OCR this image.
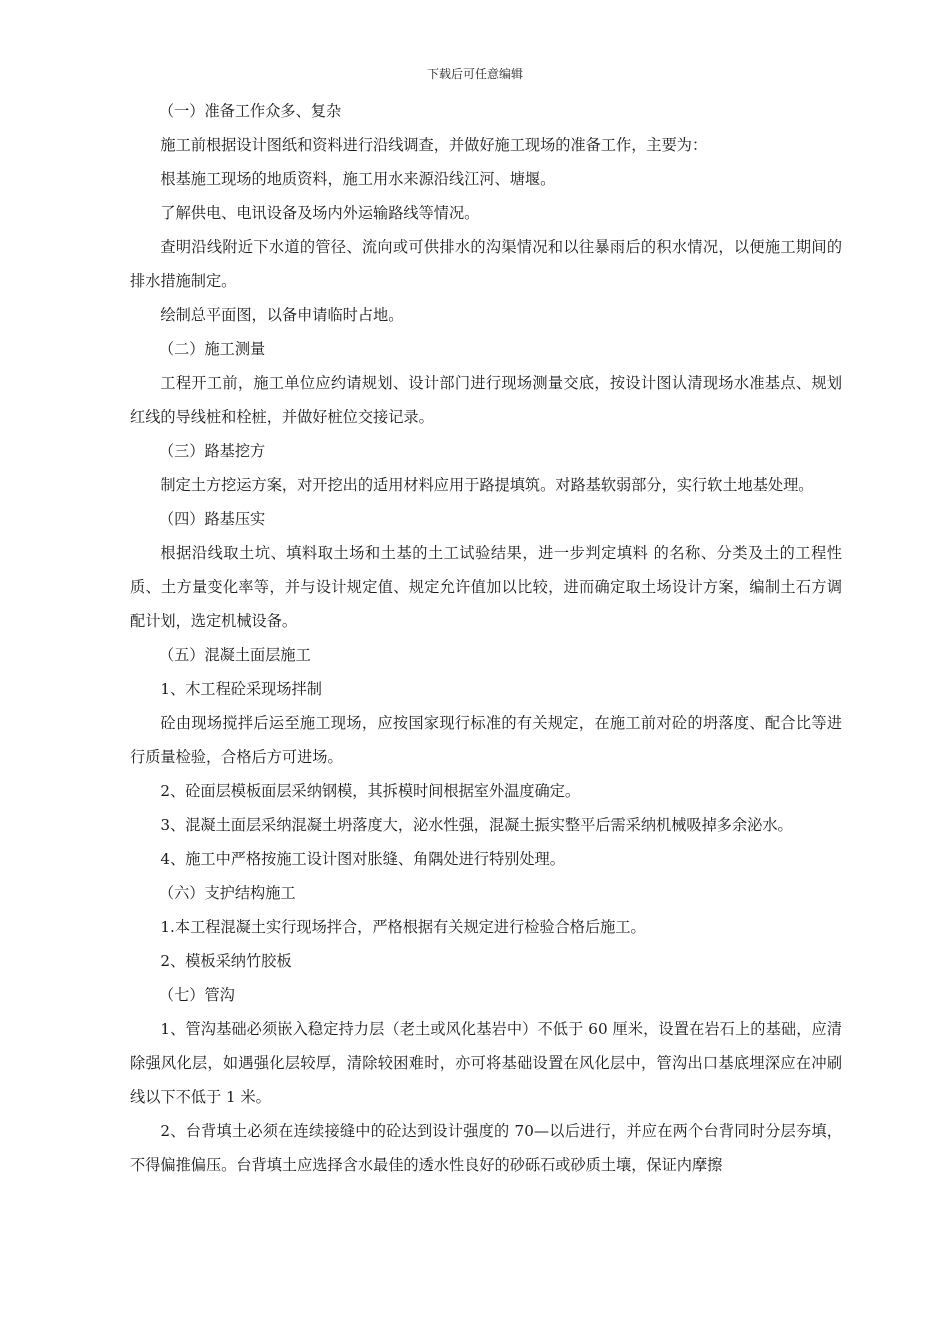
下载后可任意编辑

（一）准备工作众多、复杂

施工前根据设计图纸和资料进行沿线调查，并做好施工现场的准备工作，主要为：

根基施工现场的地质资料，施工用水来源沿线江河、塘堰。

了解供电、电讯设备及场内外运输路线等情况。

查明沿线附近下水道的管径、流向或可供排水的沟渠情况和以往暴雨后的积水情况，以便施工期间的排水措施制定。

绘制总平面图，以备申请临时占地。

（二）施工测量

工程开工前，施工单位应约请规划、设计部门进行现场测量交底，按设计图认清现场水准基点、规划红线的导线桩和栓桩，并做好桩位交接记录。

（三）路基挖方

制定土方挖运方案，对开挖出的适用材料应用于路提填筑。对路基软弱部分，实行软土地基处理。

（四）路基压实

根据沿线取土坑、填料取土场和土基的土工试验结果，进一步判定填料 的名称、分类及土的工程性质、土方量变化率等，并与设计规定值、规定允许值加以比较，进而确定取土场设计方案，编制土石方调配计划，选定机械设备。

（五）混凝土面层施工

1、木工程砼采现场拌制

砼由现场搅拌后运至施工现场，应按国家现行标准的有关规定，在施工前对砼的坍落度、配合比等进行质量检验，合格后方可进场。

2、砼面层模板面层采纳钢模，其拆模时间根据室外温度确定。

3、混凝土面层采纳混凝土坍落度大，泌水性强，混凝土振实整平后需采纳机械吸掉多余泌水。

4、施工中严格按施工设计图对胀缝、角隅处进行特别处理。

（六）支护结构施工

1.本工程混凝土实行现场拌合，严格根据有关规定进行检验合格后施工。

2、模板采纳竹胶板

（七）管沟

1、管沟基础必须嵌入稳定持力层（老土或风化基岩中）不低于 60 厘米，设置在岩石上的基础，应清除强风化层，如遇强化层较厚，清除较困难时，亦可将基础设置在风化层中，管沟出口基底埋深应在冲刷线以下不低于 1 米。

2、台背填土必须在连续接缝中的砼达到设计强度的 70—以后进行，并应在两个台背同时分层夯填，不得偏推偏压。台背填土应选择含水最佳的透水性良好的砂砾石或砂质土壤，保证内摩擦
